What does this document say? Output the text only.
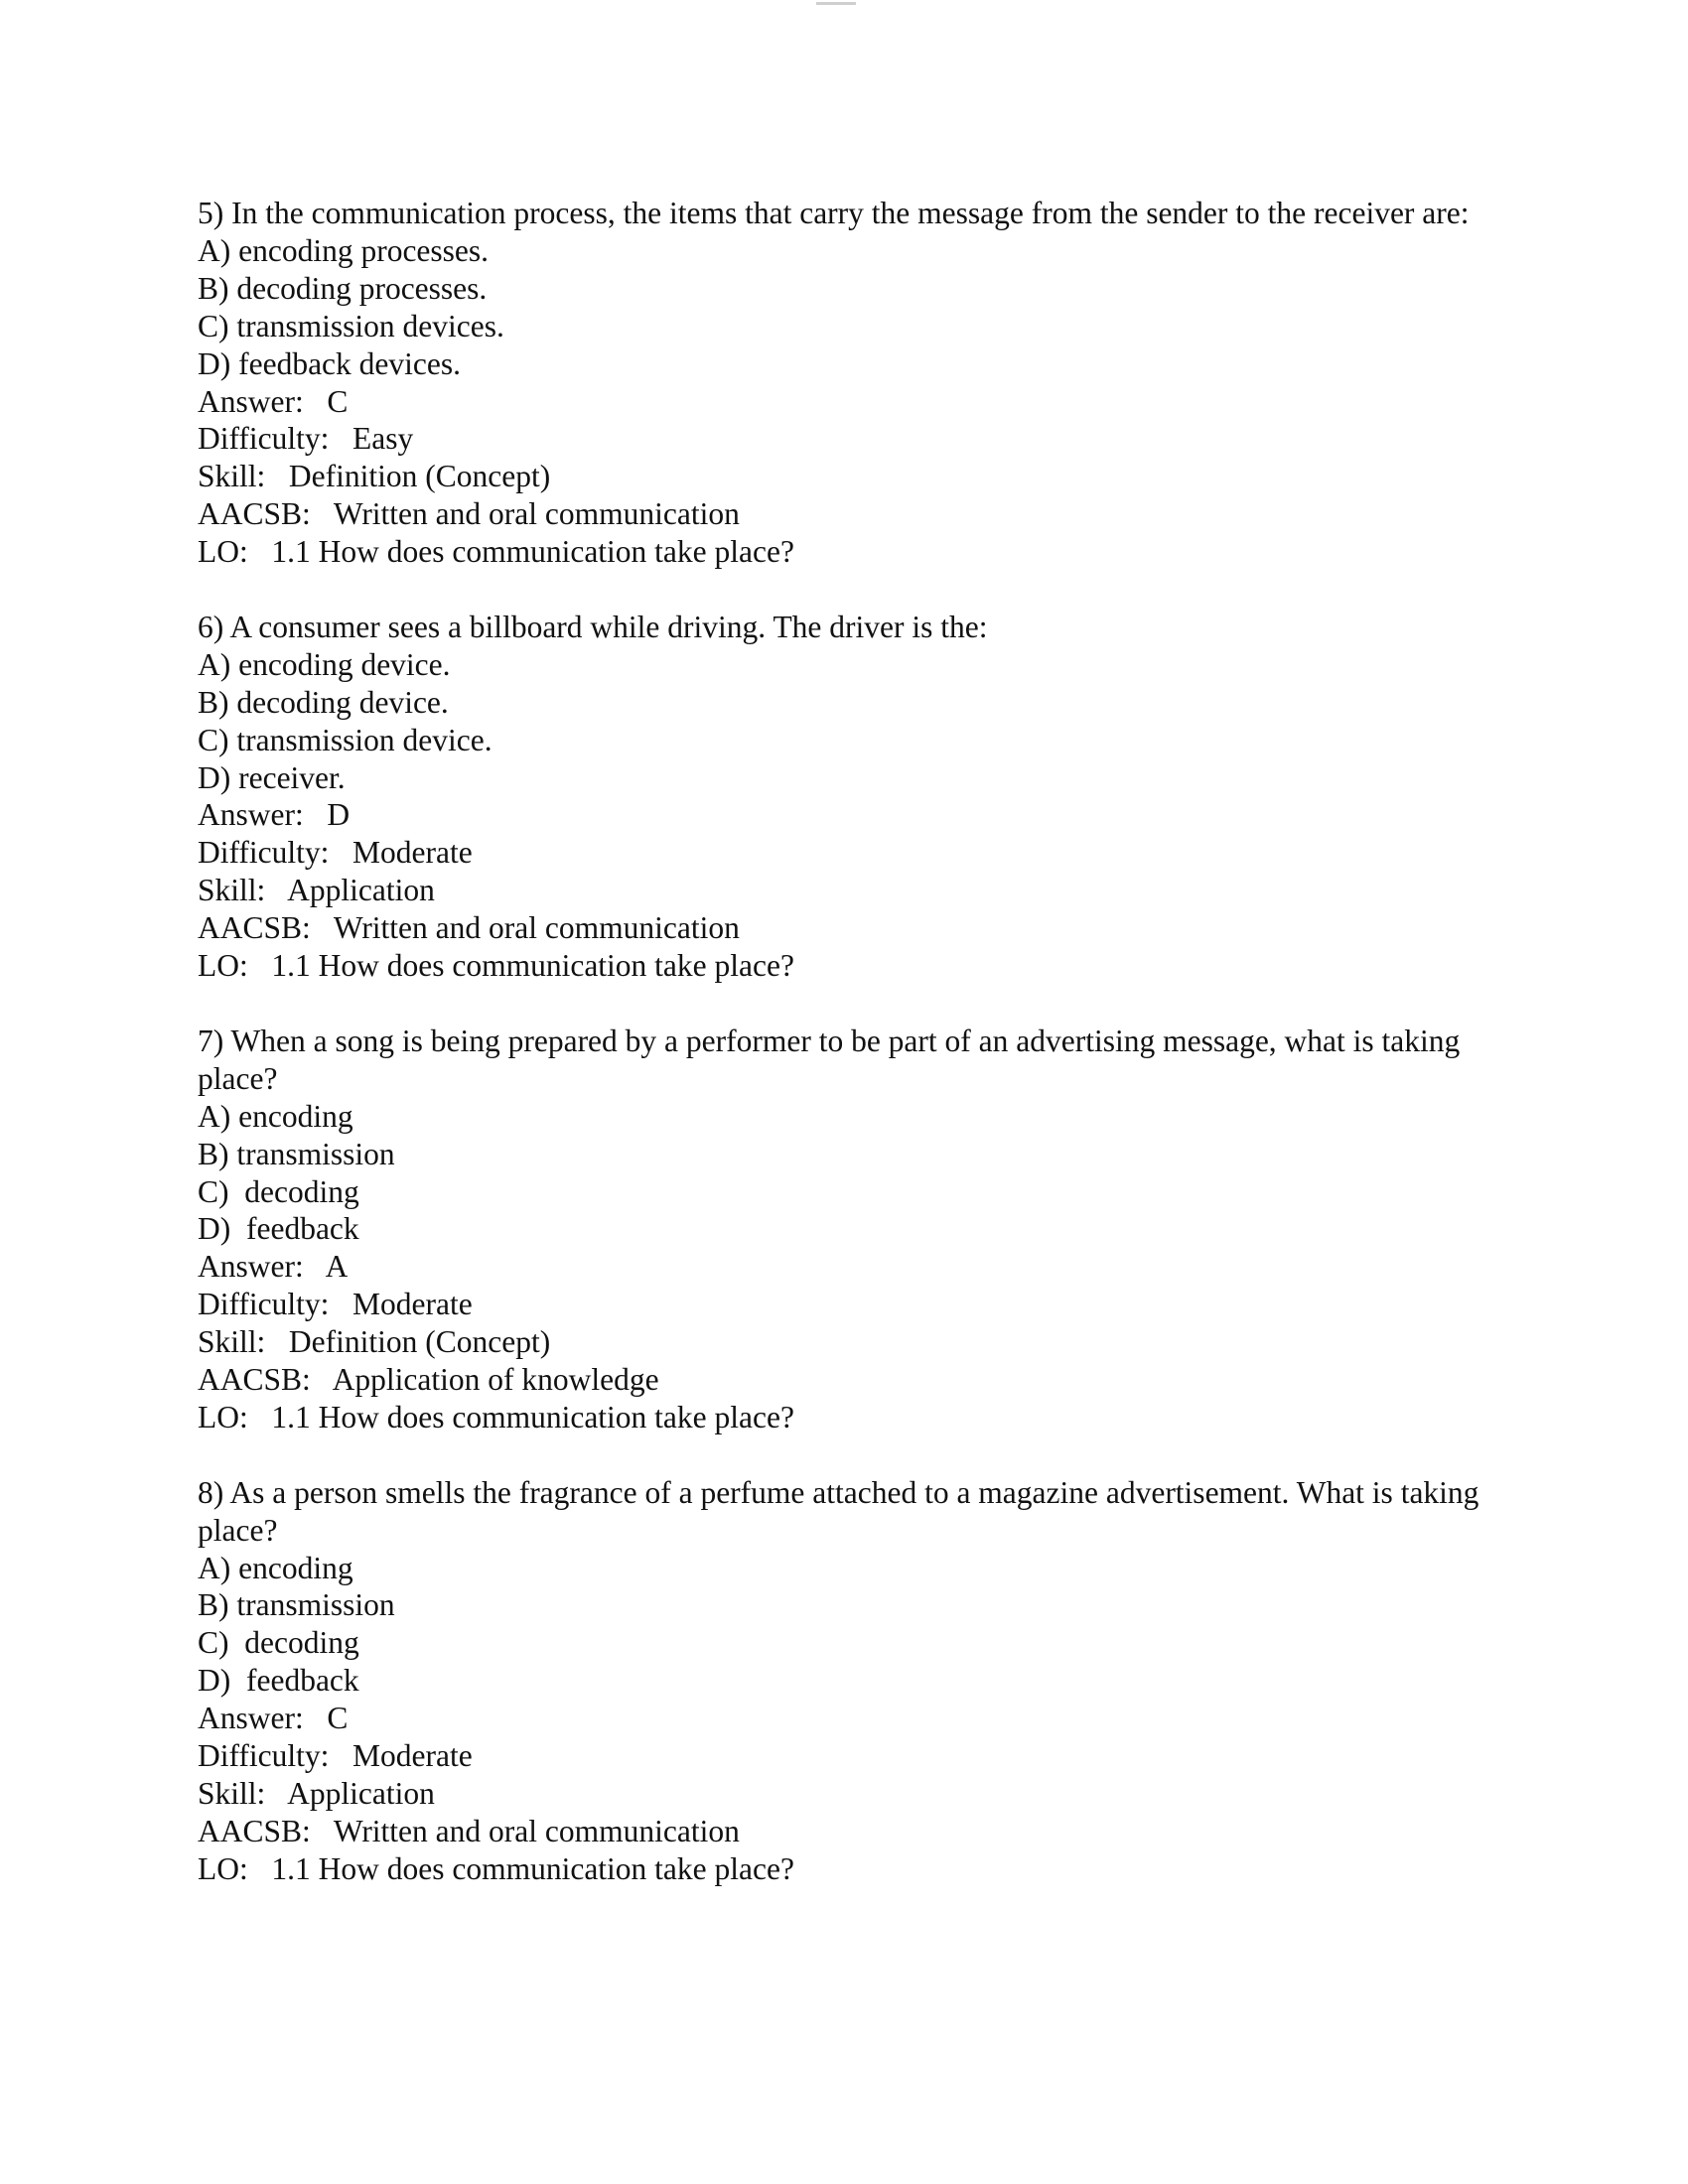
5) In the communication process, the items that carry the message from the sender to the receiver are:
A) encoding processes.
B) decoding processes.
C) transmission devices.
D) feedback devices.
Answer:   C
Difficulty:   Easy
Skill:   Definition (Concept)
AACSB:   Written and oral communication
LO:   1.1 How does communication take place?
6) A consumer sees a billboard while driving. The driver is the:
A) encoding device.
B) decoding device.
C) transmission device.
D) receiver.
Answer:   D
Difficulty:   Moderate
Skill:   Application
AACSB:   Written and oral communication
LO:   1.1 How does communication take place?
7) When a song is being prepared by a performer to be part of an advertising message, what is taking place?
A) encoding
B) transmission
C)  decoding
D)  feedback
Answer:   A
Difficulty:   Moderate
Skill:   Definition (Concept)
AACSB:   Application of knowledge
LO:   1.1 How does communication take place?
8) As a person smells the fragrance of a perfume attached to a magazine advertisement. What is taking place?
A) encoding
B) transmission
C)  decoding
D)  feedback
Answer:   C
Difficulty:   Moderate
Skill:   Application
AACSB:   Written and oral communication
LO:   1.1 How does communication take place?
